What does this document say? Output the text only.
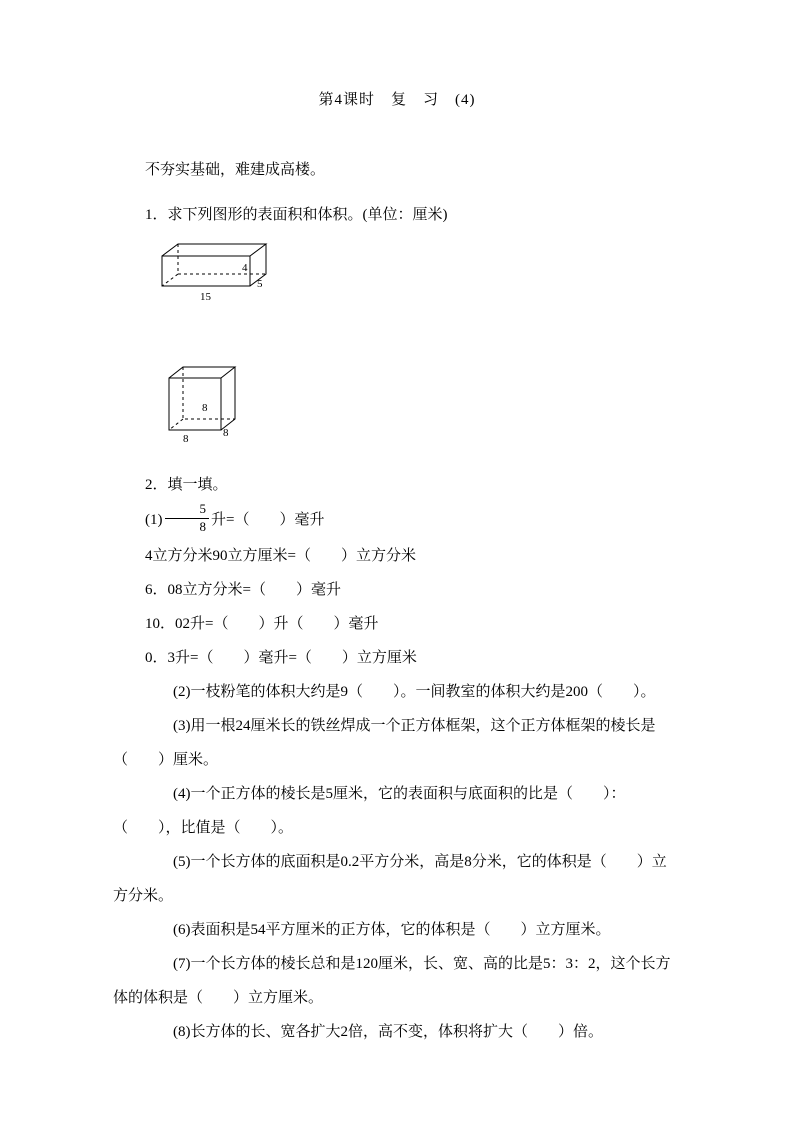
第4课时　复　习　(4)

不夯实基础，难建成高楼。

1．求下列图形的表面积和体积。(单位：厘米)

4
5
15
8
8	8

2．填一填。

$(1) \frac{5}{8}$ 升=（　　）毫升

4立方分米90立方厘米=（　　）立方分米

6．08立方分米=（　　）毫升

10．02升=（　　）升（　　）毫升

0．3升=（　　）毫升=（　　）立方厘米

(2)一枝粉笔的体积大约是9（　　）。一间教室的体积大约是200（　　）。

(3)用一根24厘米长的铁丝焊成一个正方体框架，这个正方体框架的棱长是（　　）厘米。

(4)一个正方体的棱长是5厘米，它的表面积与底面积的比是（　　）：（　　），比值是（　　）。

(5)一个长方体的底面积是0.2平方分米，高是8分米，它的体积是（　　）立方分米。

(6)表面积是54平方厘米的正方体，它的体积是（　　）立方厘米。

(7)一个长方体的棱长总和是120厘米，长、宽、高的比是5：3：2，这个长方体的体积是（　　）立方厘米。

(8)长方体的长、宽各扩大2倍，高不变，体积将扩大（　　）倍。
